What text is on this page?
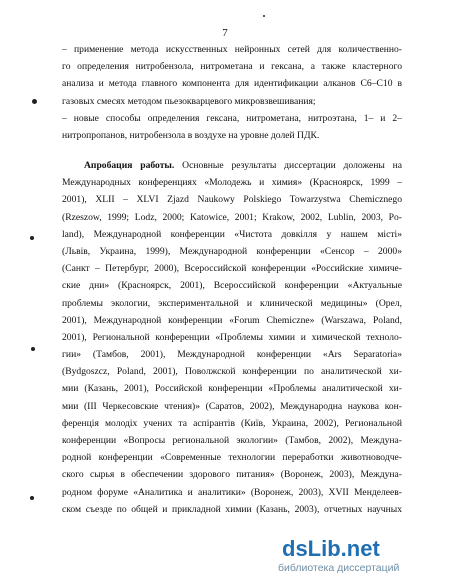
7
– применение метода искусственных нейронных сетей для количественно-
го определения нитробензола, нитрометана и гексана, а также кластерного
анализа и метода главного компонента для идентификации алканов C6–C10 в
газовых смесях методом пьезокварцевого микровзвешивания;
– новые способы определения гексана, нитрометана, нитроэтана, 1– и 2–
нитропропанов, нитробензола в воздухе на уровне долей ПДК.
Апробация работы. Основные результаты диссертации доложены на
Международных конференциях «Молодежь и химия» (Красноярск, 1999 –
2001), XLII – XLVI Zjazd Naukowy Polskiego Towarzystwa Chemicznego
(Rzeszow, 1999; Lodz, 2000; Katowice, 2001; Krakow, 2002, Lublin, 2003, Po-
land), Международной конференции «Чистота довкілля у нашем місті»
(Львів, Украина, 1999), Международной конференции «Сенсор – 2000»
(Санкт – Петербург, 2000), Всероссийской конференции «Российские химиче-
ские дни» (Красноярск, 2001), Всероссийской конференции «Актуальные
проблемы экологии, экспериментальной и клинической медицины» (Орел,
2001), Международной конференции «Forum Chemiczne» (Warszawa, Poland,
2001), Региональной конференции «Проблемы химии и химической техноло-
гии» (Тамбов, 2001), Международной конференции «Ars Separatoria»
(Bydgoszcz, Poland, 2001), Поволжской конференции по аналитической хи-
мии (Казань, 2001), Российской конференции «Проблемы аналитической хи-
мии (III Черкесовские чтения)» (Саратов, 2002), Международна наукова кон-
ференція молодіх учених та аспірантів (Київ, Украина, 2002), Региональной
конференции «Вопросы региональной экологии» (Тамбов, 2002), Междуна-
родной конференции «Современные технологии переработки животноводче-
ского сырья в обеспечении здорового питания» (Воронеж, 2003), Междуна-
родном форуме «Аналитика и аналитики» (Воронеж, 2003), XVII Менделеев-
ском съезде по общей и прикладной химии (Казань, 2003), отчетных научных
dsLib.net
библиотека диссертаций
